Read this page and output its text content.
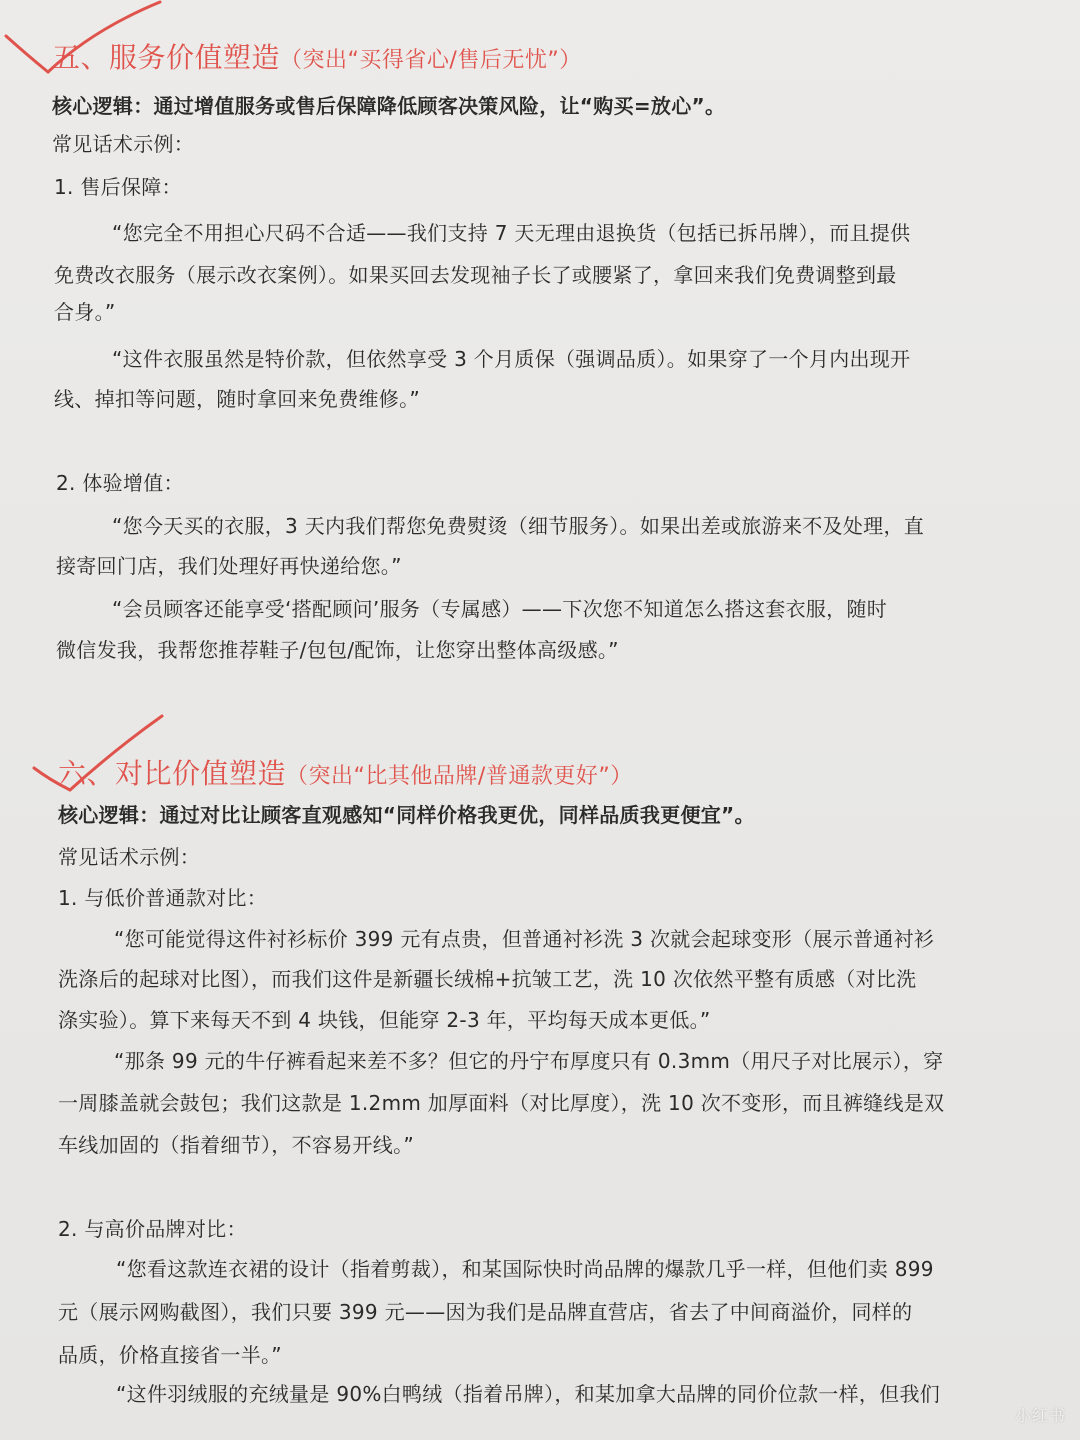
五、服务价值塑造（突出“买得省心/售后无忧”）
核心逻辑：通过增值服务或售后保障降低顾客决策风险，让“购买=放心”。
常见话术示例：
1. 售后保障：
“您完全不用担心尺码不合适——我们支持 7 天无理由退换货（包括已拆吊牌），而且提供
免费改衣服务（展示改衣案例）。如果买回去发现袖子长了或腰紧了，拿回来我们免费调整到最
合身。”
“这件衣服虽然是特价款，但依然享受 3 个月质保（强调品质）。如果穿了一个月内出现开
线、掉扣等问题，随时拿回来免费维修。”
2. 体验增值：
“您今天买的衣服，3 天内我们帮您免费熨烫（细节服务）。如果出差或旅游来不及处理，直
接寄回门店，我们处理好再快递给您。”
“会员顾客还能享受‘搭配顾问’服务（专属感）——下次您不知道怎么搭这套衣服，随时
微信发我，我帮您推荐鞋子/包包/配饰，让您穿出整体高级感。”
六、对比价值塑造（突出“比其他品牌/普通款更好”）
核心逻辑：通过对比让顾客直观感知“同样价格我更优，同样品质我更便宜”。
常见话术示例：
1. 与低价普通款对比：
“您可能觉得这件衬衫标价 399 元有点贵，但普通衬衫洗 3 次就会起球变形（展示普通衬衫
洗涤后的起球对比图），而我们这件是新疆长绒棉+抗皱工艺，洗 10 次依然平整有质感（对比洗
涤实验）。算下来每天不到 4 块钱，但能穿 2-3 年，平均每天成本更低。”
“那条 99 元的牛仔裤看起来差不多？但它的丹宁布厚度只有 0.3mm（用尺子对比展示），穿
一周膝盖就会鼓包；我们这款是 1.2mm 加厚面料（对比厚度），洗 10 次不变形，而且裤缝线是双
车线加固的（指着细节），不容易开线。”
2. 与高价品牌对比：
“您看这款连衣裙的设计（指着剪裁），和某国际快时尚品牌的爆款几乎一样，但他们卖 899
元（展示网购截图），我们只要 399 元——因为我们是品牌直营店，省去了中间商溢价，同样的
品质，价格直接省一半。”
“这件羽绒服的充绒量是 90%白鸭绒（指着吊牌），和某加拿大品牌的同价位款一样，但我们
小红书
